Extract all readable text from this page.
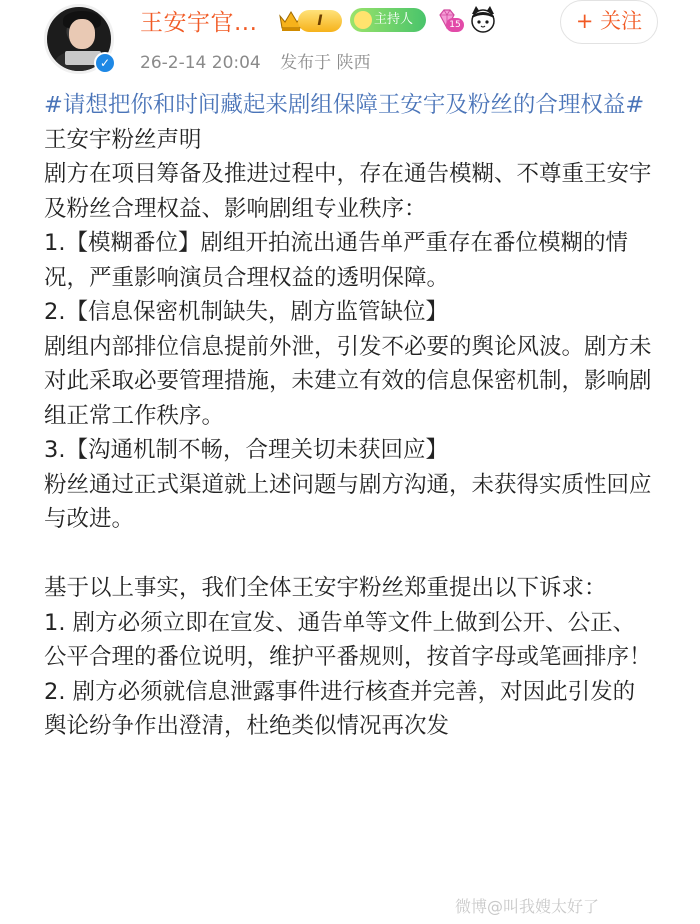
✓
王安宇官...	I	主持人	15
26-2-14 20:04 发布于 陕西
+ 关注

#请想把你和时间藏起来剧组保障王安宇及粉丝的合理权益#

王安宇粉丝声明

剧方在项目筹备及推进过程中，存在通告模糊、不尊重王安宇及粉丝合理权益、影响剧组专业秩序：

1.【模糊番位】剧组开拍流出通告单严重存在番位模糊的情况，严重影响演员合理权益的透明保障。

2.【信息保密机制缺失，剧方监管缺位】

剧组内部排位信息提前外泄，引发不必要的舆论风波。剧方未对此采取必要管理措施，未建立有效的信息保密机制，影响剧组正常工作秩序。

3.【沟通机制不畅，合理关切未获回应】

粉丝通过正式渠道就上述问题与剧方沟通，未获得实质性回应与改进。

基于以上事实，我们全体王安宇粉丝郑重提出以下诉求：

1. 剧方必须立即在宣发、通告单等文件上做到公开、公正、公平合理的番位说明，维护平番规则，按首字母或笔画排序！

2. 剧方必须就信息泄露事件进行核查并完善，对因此引发的舆论纷争作出澄清，杜绝类似情况再次发

微博@叫我嫂太好了
